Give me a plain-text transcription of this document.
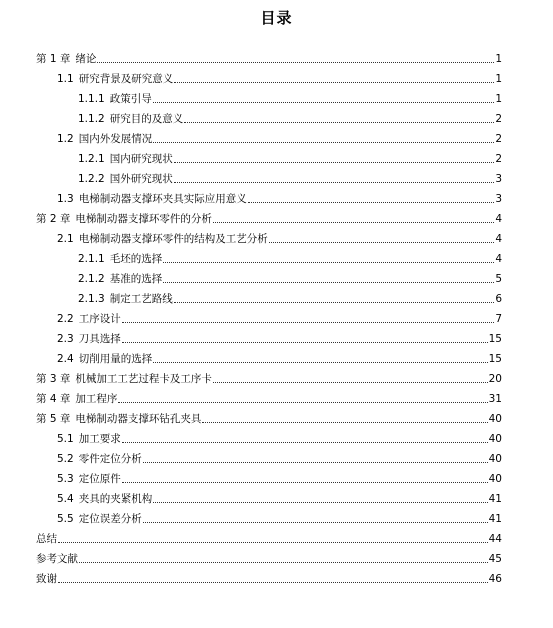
目录
第 1 章 绪论	1
1.1 研究背景及研究意义	1
1.1.1 政策引导	1
1.1.2 研究目的及意义	2
1.2 国内外发展情况	2
1.2.1 国内研究现状	2
1.2.2 国外研究现状	3
1.3 电梯制动器支撑环夹具实际应用意义	3
第 2 章 电梯制动器支撑环零件的分析	4
2.1 电梯制动器支撑环零件的结构及工艺分析	4
2.1.1 毛坯的选择	4
2.1.2 基准的选择	5
2.1.3 制定工艺路线	6
2.2 工序设计	7
2.3 刀具选择	15
2.4 切削用量的选择	15
第 3 章 机械加工工艺过程卡及工序卡	20
第 4 章 加工程序	31
第 5 章 电梯制动器支撑环钻孔夹具	40
5.1 加工要求	40
5.2 零件定位分析	40
5.3 定位原件	40
5.4 夹具的夹紧机构	41
5.5 定位误差分析	41
总结	44
参考文献	45
致谢	46
